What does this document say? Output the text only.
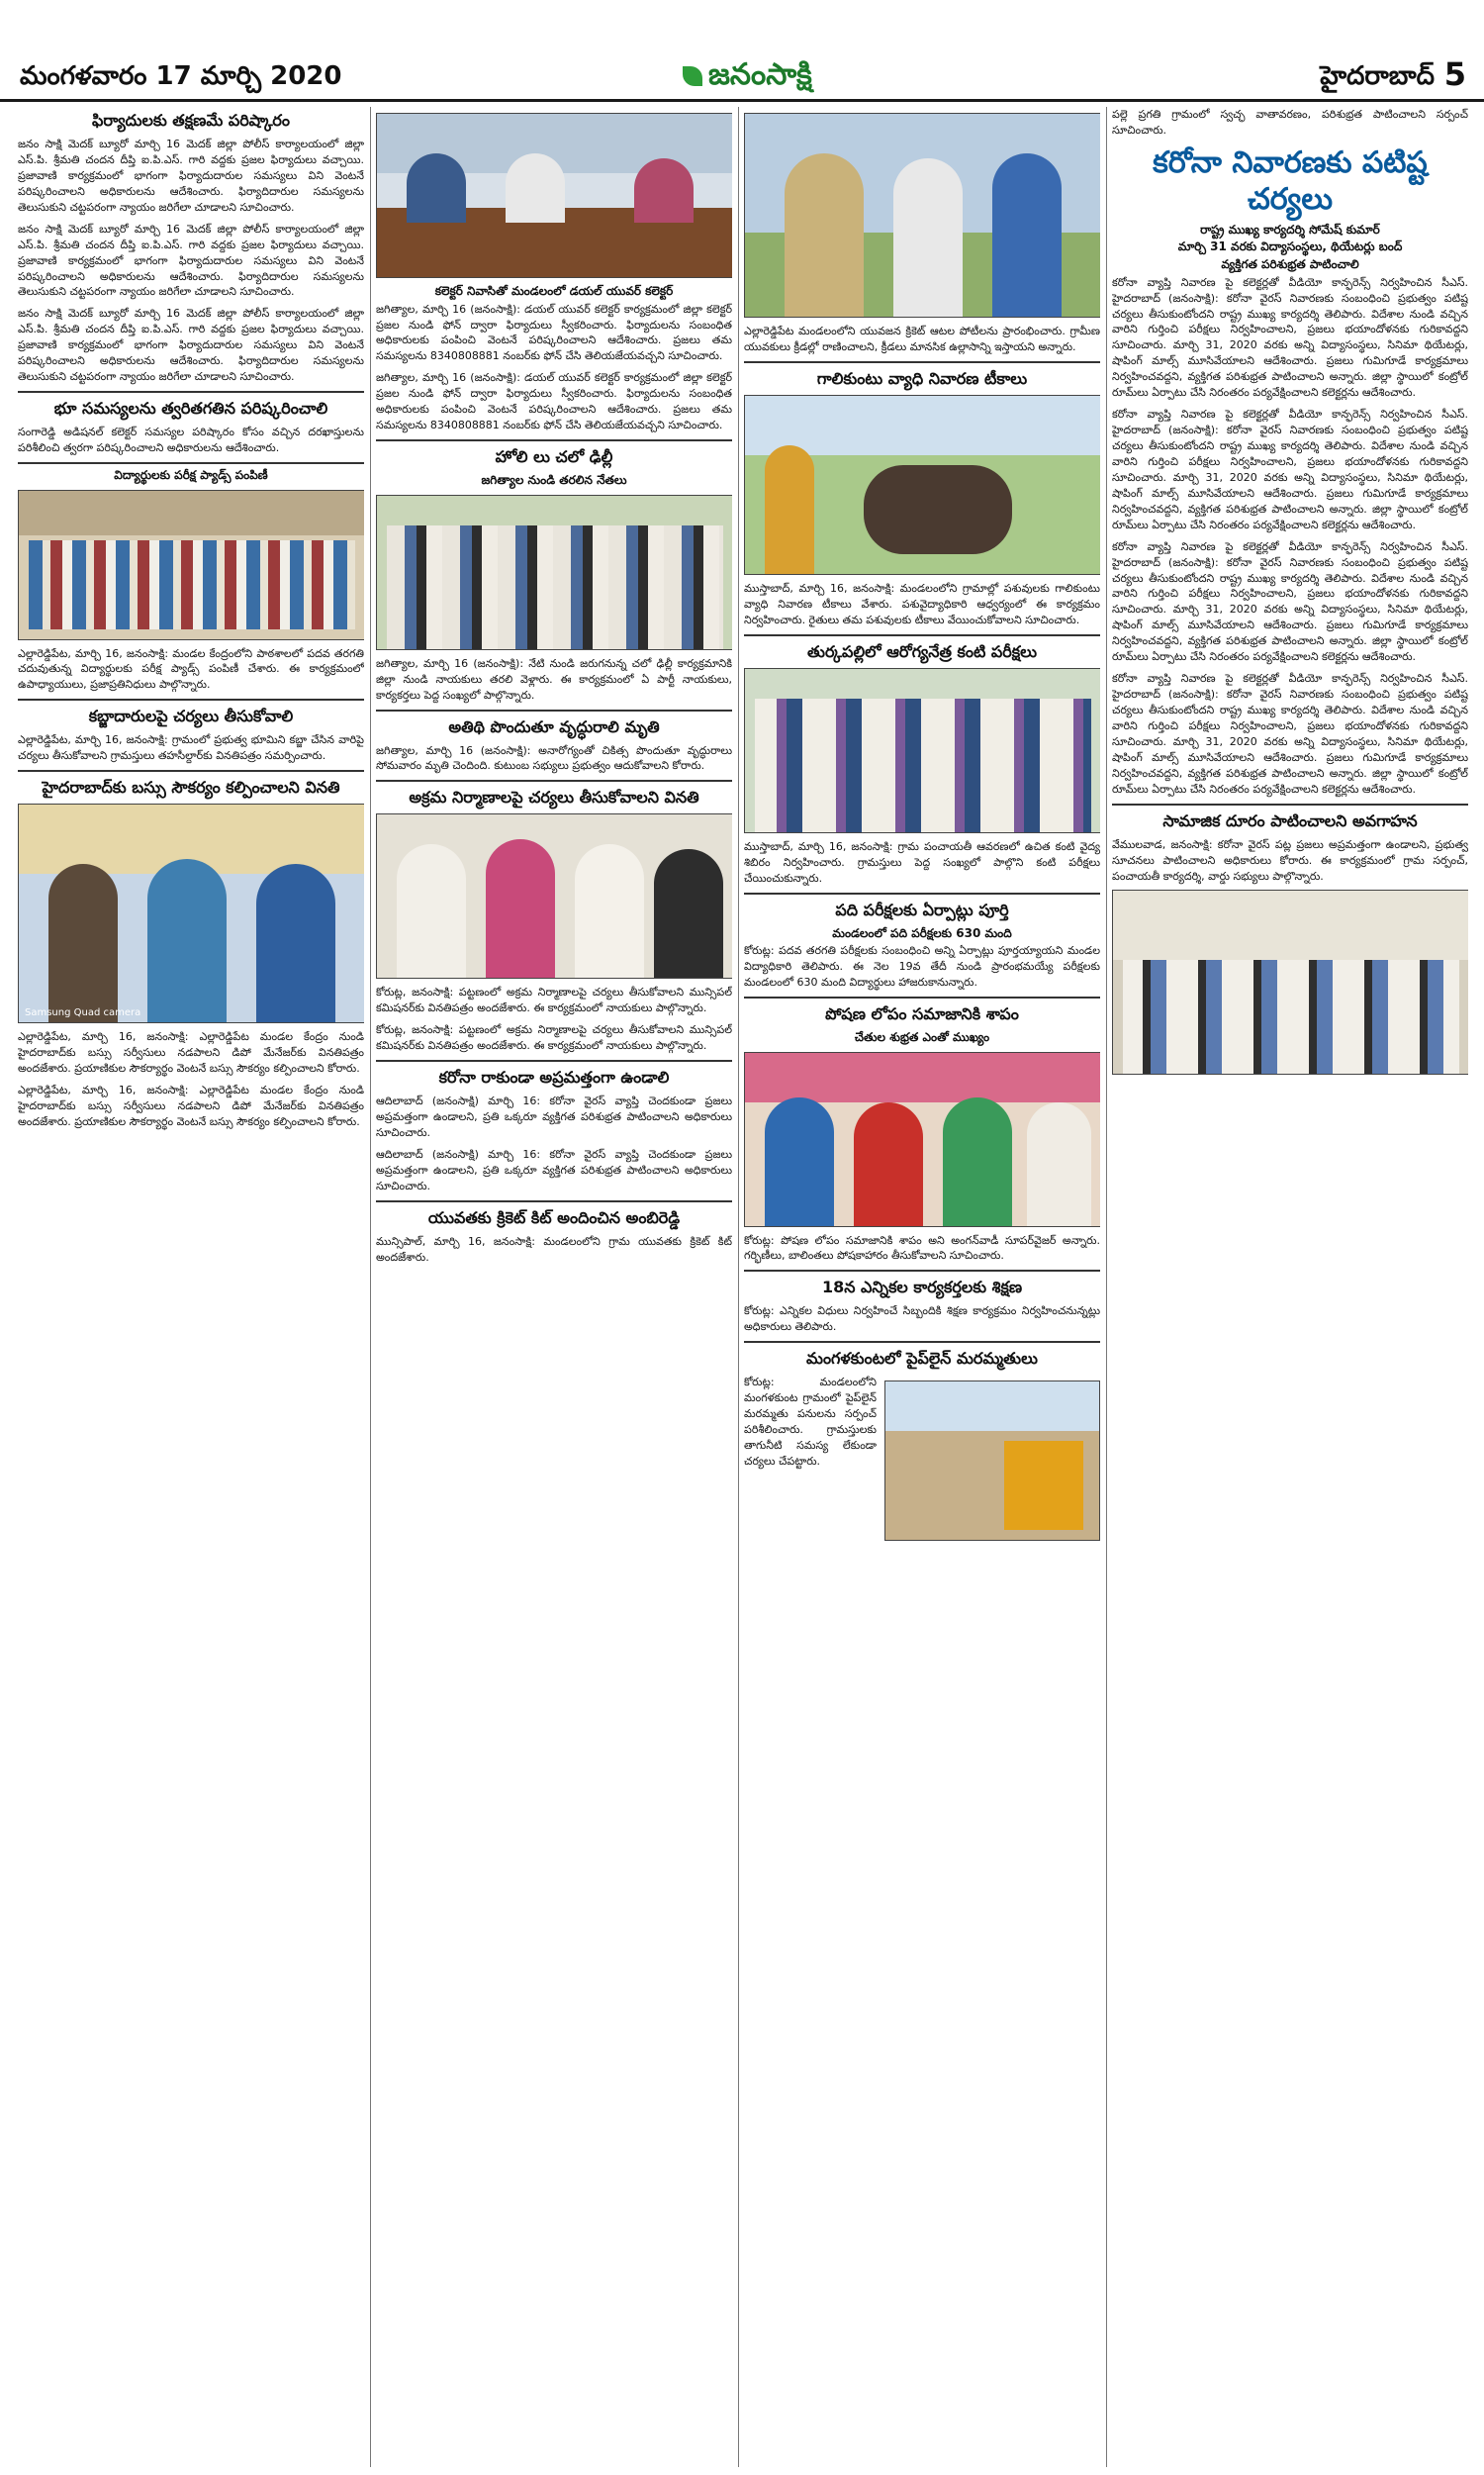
మంగళవారం 17 మార్చి 2020	జనంసాక్షి	హైదరాబాద్ 5
ఫిర్యాదులకు తక్షణమే పరిష్కారం

జనం సాక్షి మెదక్ బ్యూరో మార్చి 16 మెదక్ జిల్లా పోలీస్ కార్యాలయంలో జిల్లా ఎస్.పి. శ్రీమతి చందన దీప్తి ఐ.పి.ఎస్. గారి వద్దకు ప్రజల ఫిర్యాదులు వచ్చాయి. ప్రజావాణి కార్యక్రమంలో భాగంగా ఫిర్యాదుదారుల సమస్యలు విని వెంటనే పరిష్కరించాలని అధికారులను ఆదేశించారు. ఫిర్యాదిదారుల సమస్యలను తెలుసుకుని చట్టపరంగా న్యాయం జరిగేలా చూడాలని సూచించారు.

జనం సాక్షి మెదక్ బ్యూరో మార్చి 16 మెదక్ జిల్లా పోలీస్ కార్యాలయంలో జిల్లా ఎస్.పి. శ్రీమతి చందన దీప్తి ఐ.పి.ఎస్. గారి వద్దకు ప్రజల ఫిర్యాదులు వచ్చాయి. ప్రజావాణి కార్యక్రమంలో భాగంగా ఫిర్యాదుదారుల సమస్యలు విని వెంటనే పరిష్కరించాలని అధికారులను ఆదేశించారు. ఫిర్యాదిదారుల సమస్యలను తెలుసుకుని చట్టపరంగా న్యాయం జరిగేలా చూడాలని సూచించారు.

జనం సాక్షి మెదక్ బ్యూరో మార్చి 16 మెదక్ జిల్లా పోలీస్ కార్యాలయంలో జిల్లా ఎస్.పి. శ్రీమతి చందన దీప్తి ఐ.పి.ఎస్. గారి వద్దకు ప్రజల ఫిర్యాదులు వచ్చాయి. ప్రజావాణి కార్యక్రమంలో భాగంగా ఫిర్యాదుదారుల సమస్యలు విని వెంటనే పరిష్కరించాలని అధికారులను ఆదేశించారు. ఫిర్యాదిదారుల సమస్యలను తెలుసుకుని చట్టపరంగా న్యాయం జరిగేలా చూడాలని సూచించారు.

భూ సమస్యలను త్వరితగతిన పరిష్కరించాలి

సంగారెడ్డి అడిషనల్ కలెక్టర్ సమస్యల పరిష్కారం కోసం వచ్చిన దరఖాస్తులను పరిశీలించి త్వరగా పరిష్కరించాలని అధికారులను ఆదేశించారు.

విద్యార్థులకు పరీక్ష ప్యాడ్స్ పంపిణీ

ఎల్లారెడ్డిపేట, మార్చి 16, జనంసాక్షి: మండల కేంద్రంలోని పాఠశాలలో పదవ తరగతి చదువుతున్న విద్యార్థులకు పరీక్ష ప్యాడ్స్ పంపిణీ చేశారు. ఈ కార్యక్రమంలో ఉపాధ్యాయులు, ప్రజాప్రతినిధులు పాల్గొన్నారు.

కబ్జాదారులపై చర్యలు తీసుకోవాలి

ఎల్లారెడ్డిపేట, మార్చి 16, జనంసాక్షి: గ్రామంలో ప్రభుత్వ భూమిని కబ్జా చేసిన వారిపై చర్యలు తీసుకోవాలని గ్రామస్తులు తహసీల్దార్‌కు వినతిపత్రం సమర్పించారు.

హైదరాబాద్‌కు బస్సు సౌకర్యం కల్పించాలని వినతి
Samsung Quad camera

ఎల్లారెడ్డిపేట, మార్చి 16, జనంసాక్షి: ఎల్లారెడ్డిపేట మండల కేంద్రం నుండి హైదరాబాద్‌కు బస్సు సర్వీసులు నడపాలని డిపో మేనేజర్‌కు వినతిపత్రం అందజేశారు. ప్రయాణికుల సౌకర్యార్థం వెంటనే బస్సు సౌకర్యం కల్పించాలని కోరారు.

ఎల్లారెడ్డిపేట, మార్చి 16, జనంసాక్షి: ఎల్లారెడ్డిపేట మండల కేంద్రం నుండి హైదరాబాద్‌కు బస్సు సర్వీసులు నడపాలని డిపో మేనేజర్‌కు వినతిపత్రం అందజేశారు. ప్రయాణికుల సౌకర్యార్థం వెంటనే బస్సు సౌకర్యం కల్పించాలని కోరారు.

కలెక్టర్ నివాసితో మండలంలో డయల్ యువర్ కలెక్టర్

జగిత్యాల, మార్చి 16 (జనంసాక్షి): డయల్ యువర్ కలెక్టర్ కార్యక్రమంలో జిల్లా కలెక్టర్ ప్రజల నుండి ఫోన్ ద్వారా ఫిర్యాదులు స్వీకరించారు. ఫిర్యాదులను సంబంధిత అధికారులకు పంపించి వెంటనే పరిష్కరించాలని ఆదేశించారు. ప్రజలు తమ సమస్యలను 8340808881 నంబర్‌కు ఫోన్ చేసి తెలియజేయవచ్చని సూచించారు.

జగిత్యాల, మార్చి 16 (జనంసాక్షి): డయల్ యువర్ కలెక్టర్ కార్యక్రమంలో జిల్లా కలెక్టర్ ప్రజల నుండి ఫోన్ ద్వారా ఫిర్యాదులు స్వీకరించారు. ఫిర్యాదులను సంబంధిత అధికారులకు పంపించి వెంటనే పరిష్కరించాలని ఆదేశించారు. ప్రజలు తమ సమస్యలను 8340808881 నంబర్‌కు ఫోన్ చేసి తెలియజేయవచ్చని సూచించారు.

హోలి లు చలో ఢిల్లీ
జగిత్యాల నుండి తరలిన నేతలు

జగిత్యాల, మార్చి 16 (జనంసాక్షి): నేటి నుండి జరుగనున్న చలో ఢిల్లీ కార్యక్రమానికి జిల్లా నుండి నాయకులు తరలి వెళ్లారు. ఈ కార్యక్రమంలో ఏ పార్టీ నాయకులు, కార్యకర్తలు పెద్ద సంఖ్యలో పాల్గొన్నారు.

అతిథి పొందుతూ వృద్ధురాలి మృతి

జగిత్యాల, మార్చి 16 (జనంసాక్షి): అనారోగ్యంతో చికిత్స పొందుతూ వృద్ధురాలు సోమవారం మృతి చెందింది. కుటుంబ సభ్యులు ప్రభుత్వం ఆదుకోవాలని కోరారు.

అక్రమ నిర్మాణాలపై చర్యలు తీసుకోవాలని వినతి

కోరుట్ల, జనంసాక్షి: పట్టణంలో అక్రమ నిర్మాణాలపై చర్యలు తీసుకోవాలని మున్సిపల్ కమిషనర్‌కు వినతిపత్రం అందజేశారు. ఈ కార్యక్రమంలో నాయకులు పాల్గొన్నారు.

కోరుట్ల, జనంసాక్షి: పట్టణంలో అక్రమ నిర్మాణాలపై చర్యలు తీసుకోవాలని మున్సిపల్ కమిషనర్‌కు వినతిపత్రం అందజేశారు. ఈ కార్యక్రమంలో నాయకులు పాల్గొన్నారు.

కరోనా రాకుండా అప్రమత్తంగా ఉండాలి

ఆదిలాబాద్ (జనంసాక్షి) మార్చి 16: కరోనా వైరస్ వ్యాప్తి చెందకుండా ప్రజలు అప్రమత్తంగా ఉండాలని, ప్రతి ఒక్కరూ వ్యక్తిగత పరిశుభ్రత పాటించాలని అధికారులు సూచించారు.

ఆదిలాబాద్ (జనంసాక్షి) మార్చి 16: కరోనా వైరస్ వ్యాప్తి చెందకుండా ప్రజలు అప్రమత్తంగా ఉండాలని, ప్రతి ఒక్కరూ వ్యక్తిగత పరిశుభ్రత పాటించాలని అధికారులు సూచించారు.

యువతకు క్రికెట్ కిట్ అందించిన అంబిరెడ్డి

మున్సిపాల్, మార్చి 16, జనంసాక్షి: మండలంలోని గ్రామ యువతకు క్రికెట్ కిట్ అందజేశారు.

ఎల్లారెడ్డిపేట మండలంలోని యువజన క్రికెట్ ఆటల పోటీలను ప్రారంభించారు. గ్రామీణ యువకులు క్రీడల్లో రాణించాలని, క్రీడలు మానసిక ఉల్లాసాన్ని ఇస్తాయని అన్నారు.

గాలికుంటు వ్యాధి నివారణ టీకాలు

ముస్తాబాద్, మార్చి 16, జనంసాక్షి: మండలంలోని గ్రామాల్లో పశువులకు గాలికుంటు వ్యాధి నివారణ టీకాలు వేశారు. పశువైద్యాధికారి ఆధ్వర్యంలో ఈ కార్యక్రమం నిర్వహించారు. రైతులు తమ పశువులకు టీకాలు వేయించుకోవాలని సూచించారు.

తుర్కపల్లిలో ఆరోగ్యనేత్ర కంటి పరీక్షలు

ముస్తాబాద్, మార్చి 16, జనంసాక్షి: గ్రామ పంచాయతీ ఆవరణలో ఉచిత కంటి వైద్య శిబిరం నిర్వహించారు. గ్రామస్తులు పెద్ద సంఖ్యలో పాల్గొని కంటి పరీక్షలు చేయించుకున్నారు.

పది పరీక్షలకు ఏర్పాట్లు పూర్తి
మండలంలో పది పరీక్షలకు 630 మంది

కోరుట్ల: పదవ తరగతి పరీక్షలకు సంబంధించి అన్ని ఏర్పాట్లు పూర్తయ్యాయని మండల విద్యాధికారి తెలిపారు. ఈ నెల 19వ తేదీ నుండి ప్రారంభమయ్యే పరీక్షలకు మండలంలో 630 మంది విద్యార్థులు హాజరుకానున్నారు.

పోషణ లోపం సమాజానికి శాపం
చేతుల శుభ్రత ఎంతో ముఖ్యం

కోరుట్ల: పోషణ లోపం సమాజానికి శాపం అని అంగన్‌వాడీ సూపర్‌వైజర్ అన్నారు. గర్భిణీలు, బాలింతలు పోషకాహారం తీసుకోవాలని సూచించారు.

18న ఎన్నికల కార్యకర్తలకు శిక్షణ

కోరుట్ల: ఎన్నికల విధులు నిర్వహించే సిబ్బందికి శిక్షణ కార్యక్రమం నిర్వహించనున్నట్లు అధికారులు తెలిపారు.

మంగళకుంటలో పైప్‌లైన్ మరమ్మతులు

కోరుట్ల: మండలంలోని మంగళకుంట గ్రామంలో పైప్‌లైన్ మరమ్మతు పనులను సర్పంచ్ పరిశీలించారు. గ్రామస్తులకు తాగునీటి సమస్య లేకుండా చర్యలు చేపట్టారు.

పల్లె ప్రగతి గ్రామంలో స్వచ్ఛ వాతావరణం, పరిశుభ్రత పాటించాలని సర్పంచ్ సూచించారు.

కరోనా నివారణకు పటిష్ట చర్యలు
రాష్ట్ర ముఖ్య కార్యదర్శి సోమేష్ కుమార్
మార్చి 31 వరకు విద్యాసంస్థలు, థియేటర్లు బంద్
వ్యక్తిగత పరిశుభ్రత పాటించాలి

కరోనా వ్యాప్తి నివారణ పై కలెక్టర్లతో వీడియో కాన్ఫరెన్స్ నిర్వహించిన సీఎస్. హైదరాబాద్ (జనంసాక్షి): కరోనా వైరస్ నివారణకు సంబంధించి ప్రభుత్వం పటిష్ట చర్యలు తీసుకుంటోందని రాష్ట్ర ముఖ్య కార్యదర్శి తెలిపారు. విదేశాల నుండి వచ్చిన వారిని గుర్తించి పరీక్షలు నిర్వహించాలని, ప్రజలు భయాందోళనకు గురికావద్దని సూచించారు. మార్చి 31, 2020 వరకు అన్ని విద్యాసంస్థలు, సినిమా థియేటర్లు, షాపింగ్ మాల్స్ మూసివేయాలని ఆదేశించారు. ప్రజలు గుమిగూడే కార్యక్రమాలు నిర్వహించవద్దని, వ్యక్తిగత పరిశుభ్రత పాటించాలని అన్నారు. జిల్లా స్థాయిలో కంట్రోల్ రూమ్‌లు ఏర్పాటు చేసి నిరంతరం పర్యవేక్షించాలని కలెక్టర్లను ఆదేశించారు.

కరోనా వ్యాప్తి నివారణ పై కలెక్టర్లతో వీడియో కాన్ఫరెన్స్ నిర్వహించిన సీఎస్. హైదరాబాద్ (జనంసాక్షి): కరోనా వైరస్ నివారణకు సంబంధించి ప్రభుత్వం పటిష్ట చర్యలు తీసుకుంటోందని రాష్ట్ర ముఖ్య కార్యదర్శి తెలిపారు. విదేశాల నుండి వచ్చిన వారిని గుర్తించి పరీక్షలు నిర్వహించాలని, ప్రజలు భయాందోళనకు గురికావద్దని సూచించారు. మార్చి 31, 2020 వరకు అన్ని విద్యాసంస్థలు, సినిమా థియేటర్లు, షాపింగ్ మాల్స్ మూసివేయాలని ఆదేశించారు. ప్రజలు గుమిగూడే కార్యక్రమాలు నిర్వహించవద్దని, వ్యక్తిగత పరిశుభ్రత పాటించాలని అన్నారు. జిల్లా స్థాయిలో కంట్రోల్ రూమ్‌లు ఏర్పాటు చేసి నిరంతరం పర్యవేక్షించాలని కలెక్టర్లను ఆదేశించారు.

కరోనా వ్యాప్తి నివారణ పై కలెక్టర్లతో వీడియో కాన్ఫరెన్స్ నిర్వహించిన సీఎస్. హైదరాబాద్ (జనంసాక్షి): కరోనా వైరస్ నివారణకు సంబంధించి ప్రభుత్వం పటిష్ట చర్యలు తీసుకుంటోందని రాష్ట్ర ముఖ్య కార్యదర్శి తెలిపారు. విదేశాల నుండి వచ్చిన వారిని గుర్తించి పరీక్షలు నిర్వహించాలని, ప్రజలు భయాందోళనకు గురికావద్దని సూచించారు. మార్చి 31, 2020 వరకు అన్ని విద్యాసంస్థలు, సినిమా థియేటర్లు, షాపింగ్ మాల్స్ మూసివేయాలని ఆదేశించారు. ప్రజలు గుమిగూడే కార్యక్రమాలు నిర్వహించవద్దని, వ్యక్తిగత పరిశుభ్రత పాటించాలని అన్నారు. జిల్లా స్థాయిలో కంట్రోల్ రూమ్‌లు ఏర్పాటు చేసి నిరంతరం పర్యవేక్షించాలని కలెక్టర్లను ఆదేశించారు.

కరోనా వ్యాప్తి నివారణ పై కలెక్టర్లతో వీడియో కాన్ఫరెన్స్ నిర్వహించిన సీఎస్. హైదరాబాద్ (జనంసాక్షి): కరోనా వైరస్ నివారణకు సంబంధించి ప్రభుత్వం పటిష్ట చర్యలు తీసుకుంటోందని రాష్ట్ర ముఖ్య కార్యదర్శి తెలిపారు. విదేశాల నుండి వచ్చిన వారిని గుర్తించి పరీక్షలు నిర్వహించాలని, ప్రజలు భయాందోళనకు గురికావద్దని సూచించారు. మార్చి 31, 2020 వరకు అన్ని విద్యాసంస్థలు, సినిమా థియేటర్లు, షాపింగ్ మాల్స్ మూసివేయాలని ఆదేశించారు. ప్రజలు గుమిగూడే కార్యక్రమాలు నిర్వహించవద్దని, వ్యక్తిగత పరిశుభ్రత పాటించాలని అన్నారు. జిల్లా స్థాయిలో కంట్రోల్ రూమ్‌లు ఏర్పాటు చేసి నిరంతరం పర్యవేక్షించాలని కలెక్టర్లను ఆదేశించారు.

సామాజిక దూరం పాటించాలని అవగాహన

వేములవాడ, జనంసాక్షి: కరోనా వైరస్ పట్ల ప్రజలు అప్రమత్తంగా ఉండాలని, ప్రభుత్వ సూచనలు పాటించాలని అధికారులు కోరారు. ఈ కార్యక్రమంలో గ్రామ సర్పంచ్, పంచాయతీ కార్యదర్శి, వార్డు సభ్యులు పాల్గొన్నారు.
